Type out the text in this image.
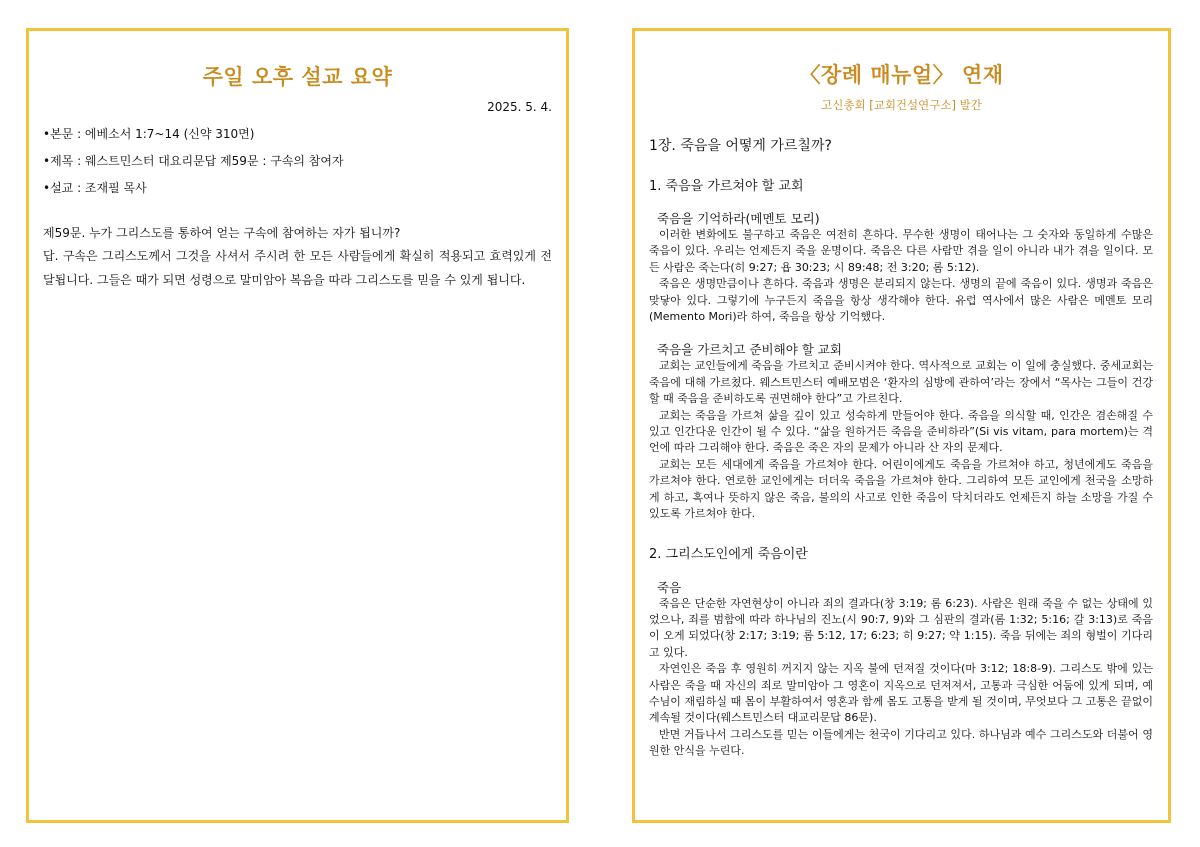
주일 오후 설교 요약
2025. 5. 4.
•본문 : 에베소서 1:7~14 (신약 310면)
•제목 : 웨스트민스터 대요리문답 제59문 : 구속의 참여자
•설교 : 조재필 목사
제59문. 누가 그리스도를 통하여 얻는 구속에 참여하는 자가 됩니까?
답. 구속은 그리스도께서 그것을 사셔서 주시려 한 모든 사람들에게 확실히 적용되고 효력있게 전달됩니다. 그들은 때가 되면 성령으로 말미암아 복음을 따라 그리스도를 믿을 수 있게 됩니다.
〈장례 매뉴얼〉 연재
고신총회 [교회건설연구소] 발간
1장. 죽음을 어떻게 가르칠까?
1. 죽음을 가르쳐야 할 교회
죽음을 기억하라(메멘토 모리)
이러한 변화에도 불구하고 죽음은 여전히 흔하다. 무수한 생명이 태어나는 그 숫자와 동일하게 수많은 죽음이 있다. 우리는 언제든지 죽을 운명이다. 죽음은 다른 사람만 겪을 일이 아니라 내가 겪을 일이다. 모든 사람은 죽는다(히 9:27; 욥 30:23; 시 89:48; 전 3:20; 롬 5:12).
죽음은 생명만큼이나 흔하다. 죽음과 생명은 분리되지 않는다. 생명의 끝에 죽음이 있다. 생명과 죽음은 맞닿아 있다. 그렇기에 누구든지 죽음을 항상 생각해야 한다. 유럽 역사에서 많은 사람은 메멘토 모리(Memento Mori)라 하여, 죽음을 항상 기억했다.
죽음을 가르치고 준비해야 할 교회
교회는 교인들에게 죽음을 가르치고 준비시켜야 한다. 역사적으로 교회는 이 일에 충실했다. 중세교회는 죽음에 대해 가르쳤다. 웨스트민스터 예배모범은 ‘환자의 심방에 관하여’라는 장에서 “목사는 그들이 건강할 때 죽음을 준비하도록 권면해야 한다”고 가르친다.
교회는 죽음을 가르쳐 삶을 깊이 있고 성숙하게 만들어야 한다. 죽음을 의식할 때, 인간은 겸손해질 수 있고 인간다운 인간이 될 수 있다. “삶을 원하거든 죽음을 준비하라”(Si vis vitam, para mortem)는 격언에 따라 그리해야 한다. 죽음은 죽은 자의 문제가 아니라 산 자의 문제다.
교회는 모든 세대에게 죽음을 가르쳐야 한다. 어린이에게도 죽음을 가르쳐야 하고, 청년에게도 죽음을 가르쳐야 한다. 연로한 교인에게는 더더욱 죽음을 가르쳐야 한다. 그리하여 모든 교인에게 천국을 소망하게 하고, 혹여나 뜻하지 않은 죽음, 불의의 사고로 인한 죽음이 닥치더라도 언제든지 하늘 소망을 가질 수 있도록 가르쳐야 한다.
2. 그리스도인에게 죽음이란
죽음
죽음은 단순한 자연현상이 아니라 죄의 결과다(창 3:19; 롬 6:23). 사람은 원래 죽을 수 없는 상태에 있었으나, 죄를 범함에 따라 하나님의 진노(시 90:7, 9)와 그 심판의 결과(롬 1:32; 5:16; 갈 3:13)로 죽음이 오게 되었다(창 2:17; 3:19; 롬 5:12, 17; 6:23; 히 9:27; 약 1:15). 죽음 뒤에는 죄의 형벌이 기다리고 있다.
자연인은 죽음 후 영원히 꺼지지 않는 지옥 불에 던져질 것이다(마 3:12; 18:8-9). 그리스도 밖에 있는 사람은 죽을 때 자신의 죄로 말미암아 그 영혼이 지옥으로 던져져서, 고통과 극심한 어둠에 있게 되며, 예수님이 재림하실 때 몸이 부활하여서 영혼과 함께 몸도 고통을 받게 될 것이며, 무엇보다 그 고통은 끝없이 계속될 것이다(웨스트민스터 대교리문답 86문).
반면 거듭나서 그리스도를 믿는 이들에게는 천국이 기다리고 있다. 하나님과 예수 그리스도와 더불어 영원한 안식을 누린다.
